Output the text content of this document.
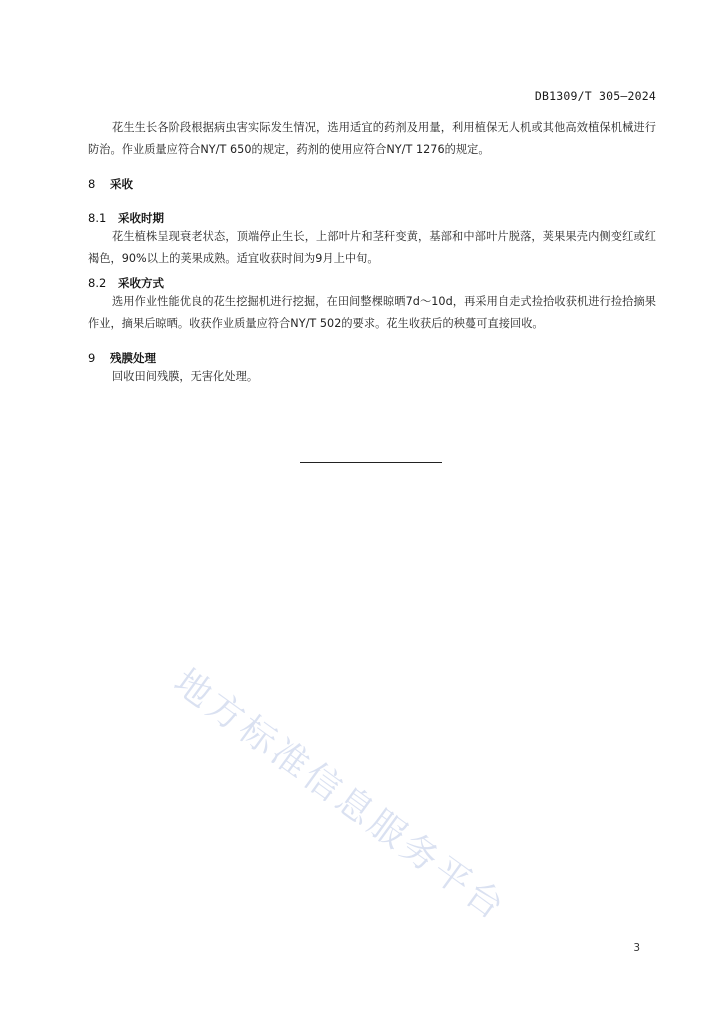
DB1309/T 305—2024

花生生长各阶段根据病虫害实际发生情况，选用适宜的药剂及用量，利用植保无人机或其他高效植保机械进行防治。作业质量应符合NY/T 650的规定，药剂的使用应符合NY/T 1276的规定。

8	采收
8.1	采收时期

花生植株呈现衰老状态，顶端停止生长，上部叶片和茎秆变黄，基部和中部叶片脱落，荚果果壳内侧变红或红褐色，90%以上的荚果成熟。适宜收获时间为9月上中旬。

8.2	采收方式

选用作业性能优良的花生挖掘机进行挖掘，在田间整棵晾晒7d～10d，再采用自走式捡拾收获机进行捡拾摘果作业，摘果后晾晒。收获作业质量应符合NY/T 502的要求。花生收获后的秧蔓可直接回收。

9	残膜处理

回收田间残膜，无害化处理。

地方标准信息服务平台
3
